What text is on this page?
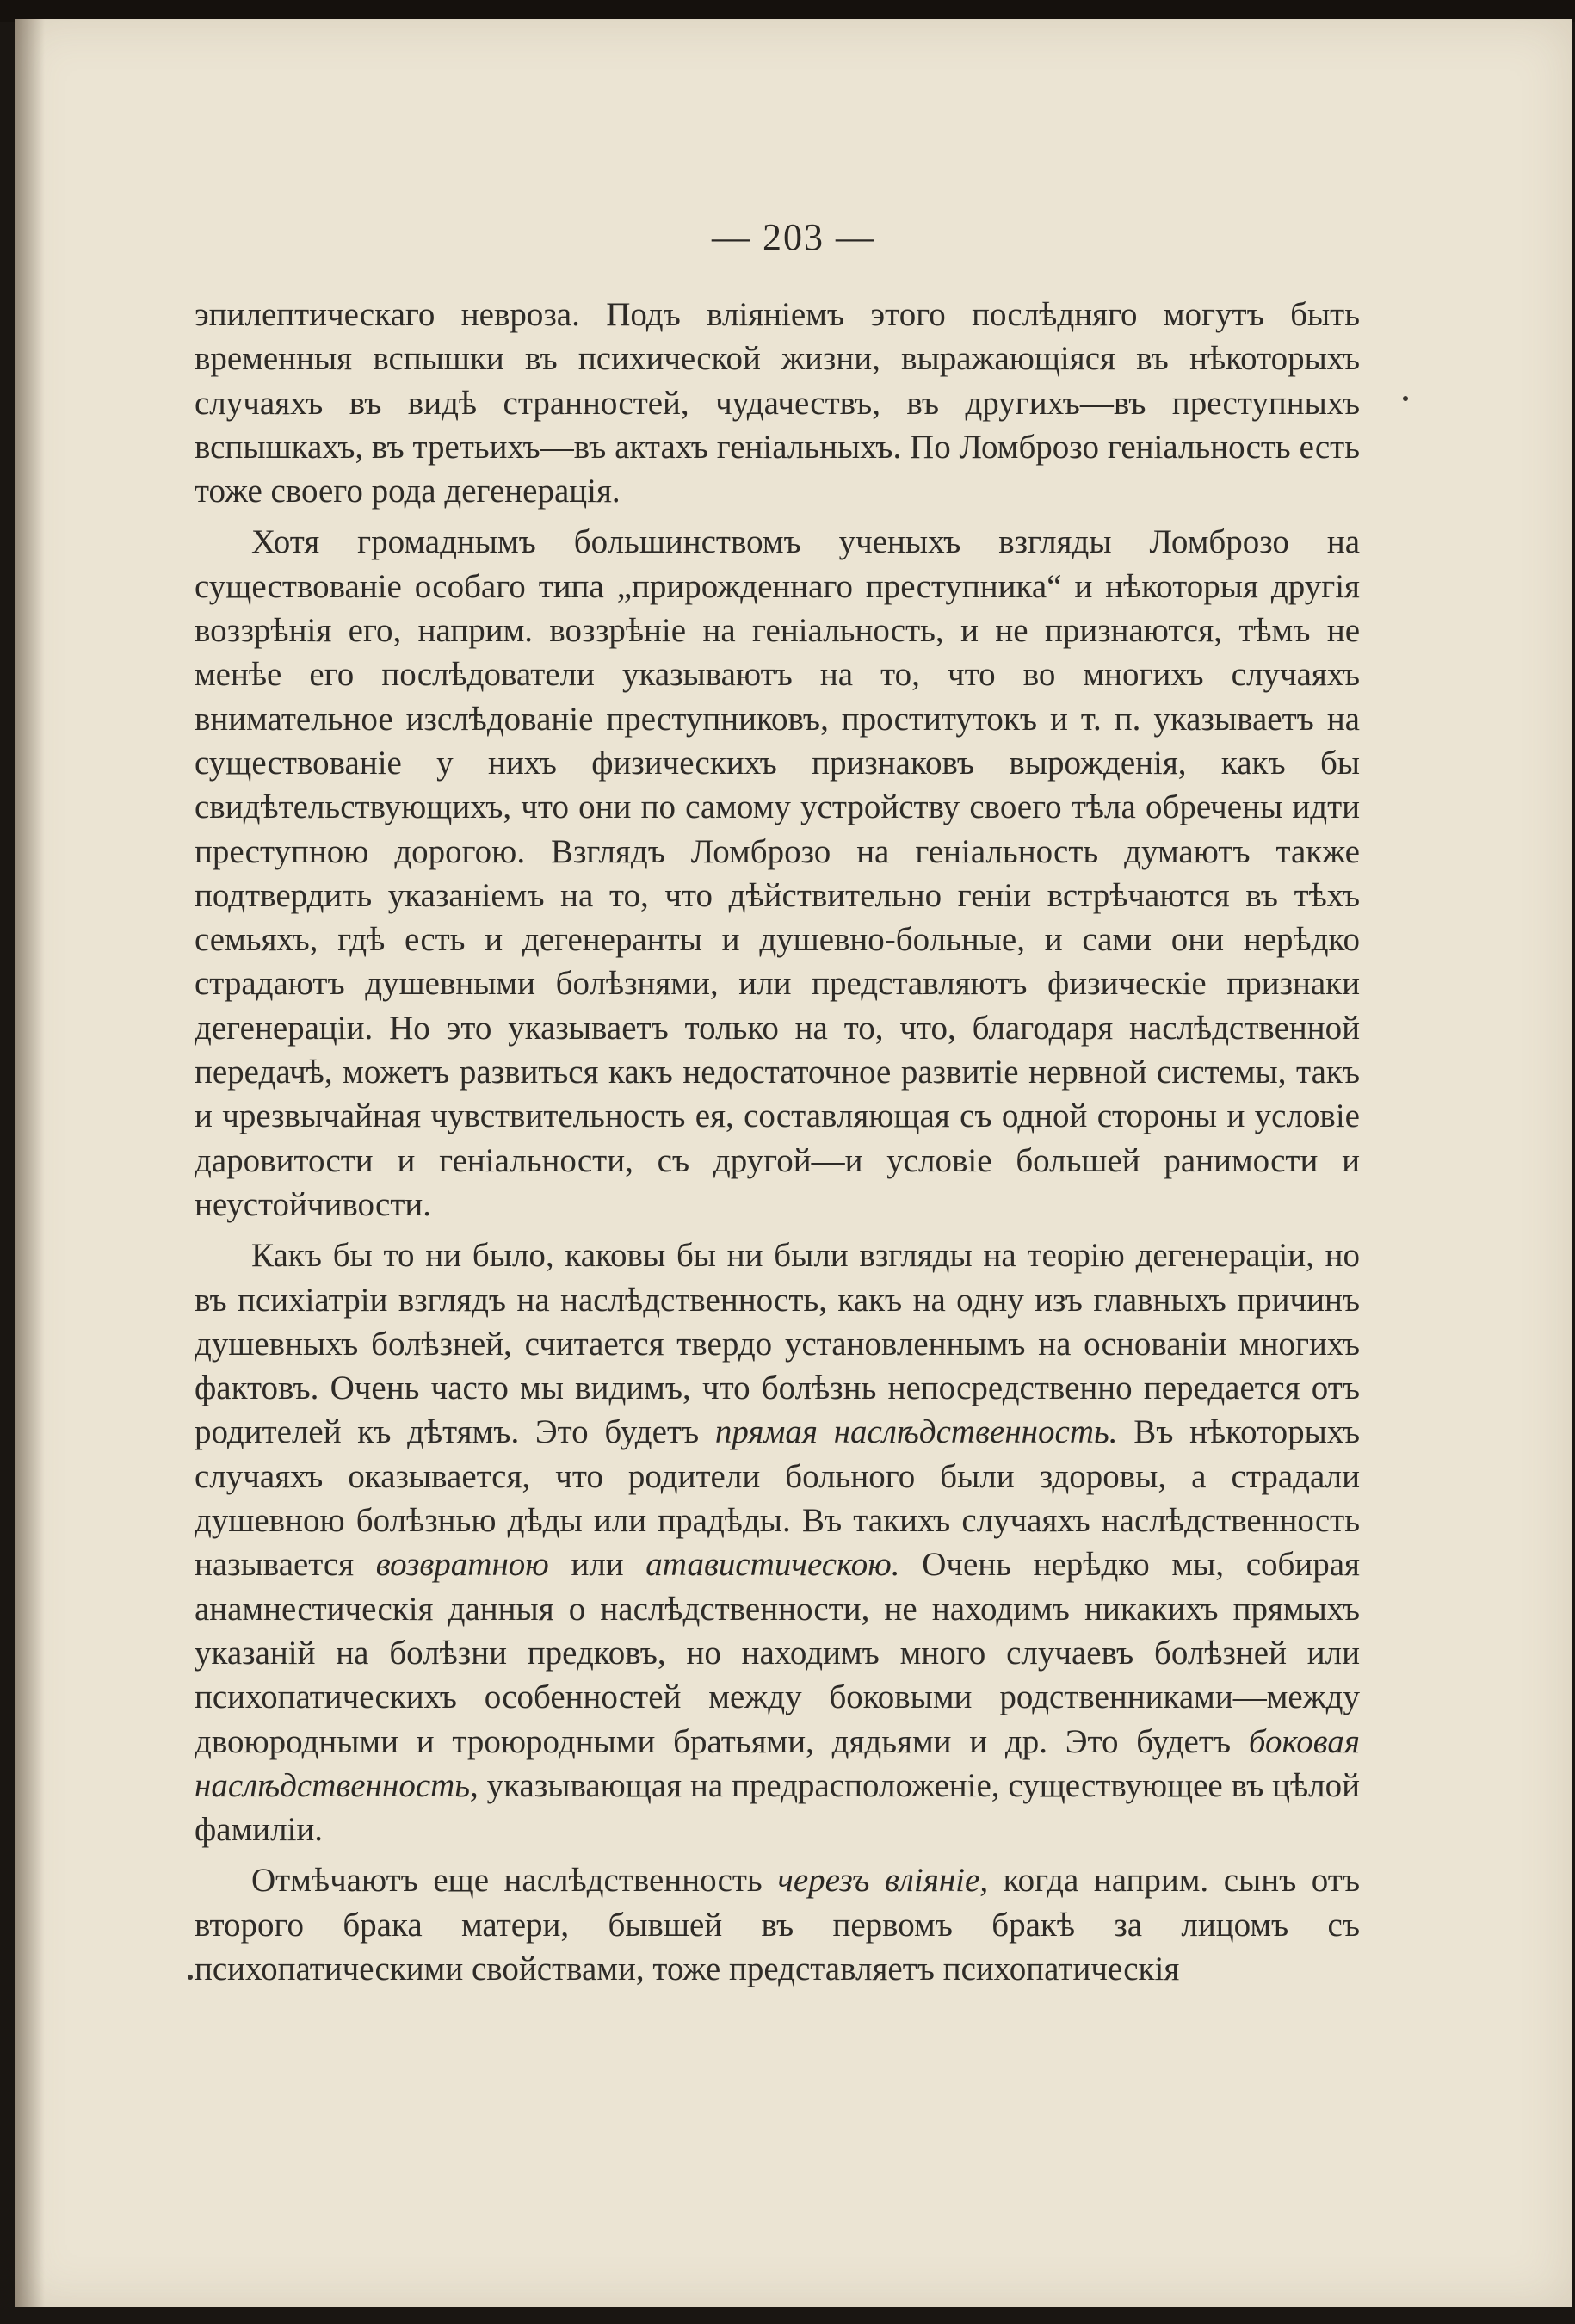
— 203 —

эпилептическаго невроза. Подъ вліяніемъ этого послѣдняго могутъ быть временныя вспышки въ психической жизни, выражающіяся въ нѣкоторыхъ случаяхъ въ видѣ странностей, чудачествъ, въ другихъ—въ преступныхъ вспышкахъ, въ третьихъ—въ актахъ геніальныхъ. По Ломброзо геніальность есть тоже своего рода дегенерація.

Хотя громаднымъ большинствомъ ученыхъ взгляды Ломброзо на существованіе особаго типа „прирожденнаго преступника“ и нѣкоторыя другія воззрѣнія его, наприм. воззрѣніе на геніальность, и не признаются, тѣмъ не менѣе его послѣдователи указываютъ на то, что во многихъ случаяхъ внимательное изслѣдованіе преступниковъ, проститутокъ и т. п. указываетъ на существованіе у нихъ физическихъ признаковъ вырожденія, какъ бы свидѣтельствующихъ, что они по самому устройству своего тѣла обречены идти преступною дорогою. Взглядъ Ломброзо на геніальность думаютъ также подтвердить указаніемъ на то, что дѣйствительно геніи встрѣчаются въ тѣхъ семьяхъ, гдѣ есть и дегенеранты и душевно-больные, и сами они нерѣдко страдаютъ душевными болѣзнями, или представляютъ физическіе признаки дегенераціи. Но это указываетъ только на то, что, благодаря наслѣдственной передачѣ, можетъ развиться какъ недостаточное развитіе нервной системы, такъ и чрезвычайная чувствительность ея, составляющая съ одной стороны и условіе даровитости и геніальности, съ другой—и условіе большей ранимости и неустойчивости.

Какъ бы то ни было, каковы бы ни были взгляды на теорію дегенераціи, но въ психіатріи взглядъ на наслѣдственность, какъ на одну изъ главныхъ причинъ душевныхъ болѣзней, считается твердо установленнымъ на основаніи многихъ фактовъ. Очень часто мы видимъ, что болѣзнь непосредственно передается отъ родителей къ дѣтямъ. Это будетъ прямая наслѣдственность. Въ нѣкоторыхъ случаяхъ оказывается, что родители больного были здоровы, а страдали душевною болѣзнью дѣды или прадѣды. Въ такихъ случаяхъ наслѣдственность называется возвратною или атавистическою. Очень нерѣдко мы, собирая анамнестическія данныя о наслѣдственности, не находимъ никакихъ прямыхъ указаній на болѣзни предковъ, но находимъ много случаевъ болѣзней или психопатическихъ особенностей между боковыми родственниками—между двоюродными и троюродными братьями, дядьями и др. Это будетъ боковая наслѣдственность, указывающая на предрасположеніе, существующее въ цѣлой фамиліи.

Отмѣчаютъ еще наслѣдственность черезъ вліяніе, когда наприм. сынъ отъ второго брака матери, бывшей въ первомъ бракѣ за лицомъ съ психопатическими свойствами, тоже представляетъ психопатическія
